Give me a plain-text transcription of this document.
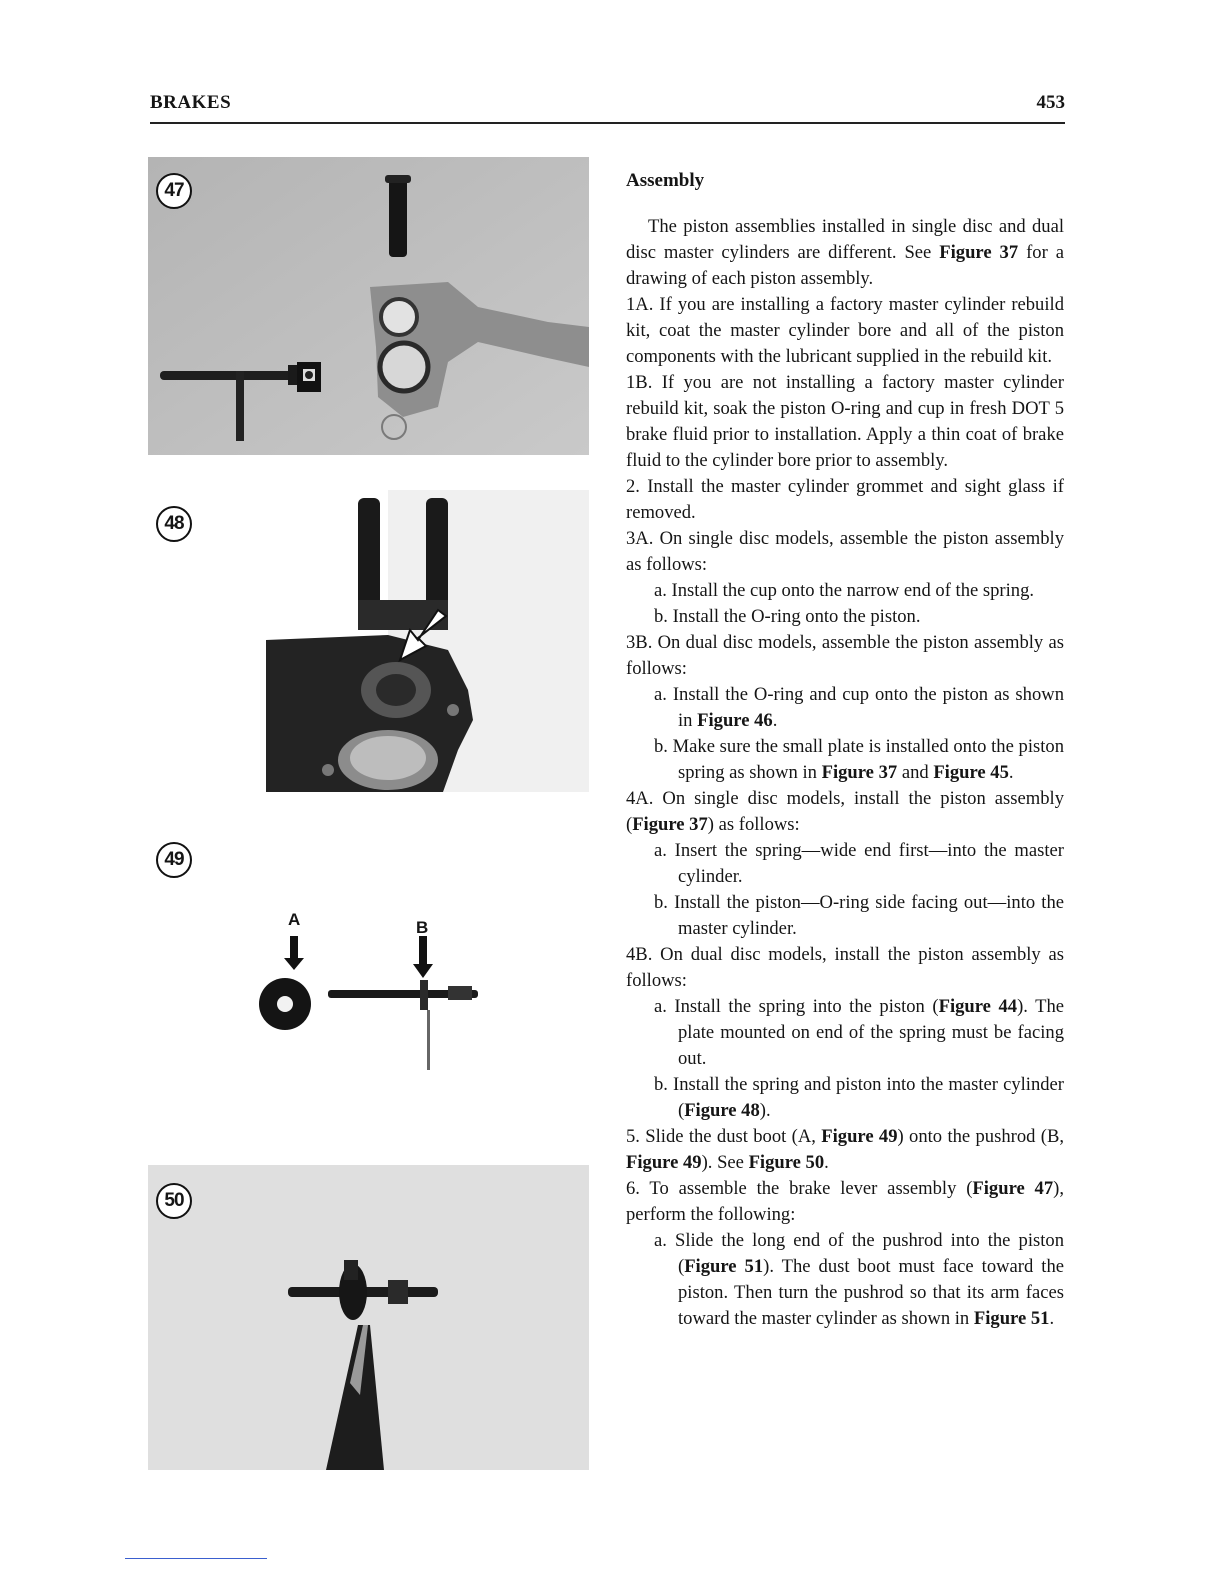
BRAKES	453
47
48
49
A	B
50
Assembly

The piston assemblies installed in single disc and dual disc master cylinders are different. See Figure 37 for a drawing of each piston assembly.

1A. If you are installing a factory master cylinder rebuild kit, coat the master cylinder bore and all of the piston components with the lubricant supplied in the rebuild kit.

1B. If you are not installing a factory master cylinder rebuild kit, soak the piston O-ring and cup in fresh DOT 5 brake fluid prior to installation. Apply a thin coat of brake fluid to the cylinder bore prior to assembly.

2. Install the master cylinder grommet and sight glass if removed.

3A. On single disc models, assemble the piston assembly as follows:

a. Install the cup onto the narrow end of the spring.

b. Install the O-ring onto the piston.

3B. On dual disc models, assemble the piston assembly as follows:

a. Install the O-ring and cup onto the piston as shown in Figure 46.

b. Make sure the small plate is installed onto the piston spring as shown in Figure 37 and Figure 45.

4A. On single disc models, install the piston assembly (Figure 37) as follows:

a. Insert the spring—wide end first—into the master cylinder.

b. Install the piston—O-ring side facing out—into the master cylinder.

4B. On dual disc models, install the piston assembly as follows:

a. Install the spring into the piston (Figure 44). The plate mounted on end of the spring must be facing out.

b. Install the spring and piston into the master cylinder (Figure 48).

5. Slide the dust boot (A, Figure 49) onto the pushrod (B, Figure 49). See Figure 50.

6. To assemble the brake lever assembly (Figure 47), perform the following:

a. Slide the long end of the pushrod into the piston (Figure 51). The dust boot must face toward the piston. Then turn the pushrod so that its arm faces toward the master cylinder as shown in Figure 51.
